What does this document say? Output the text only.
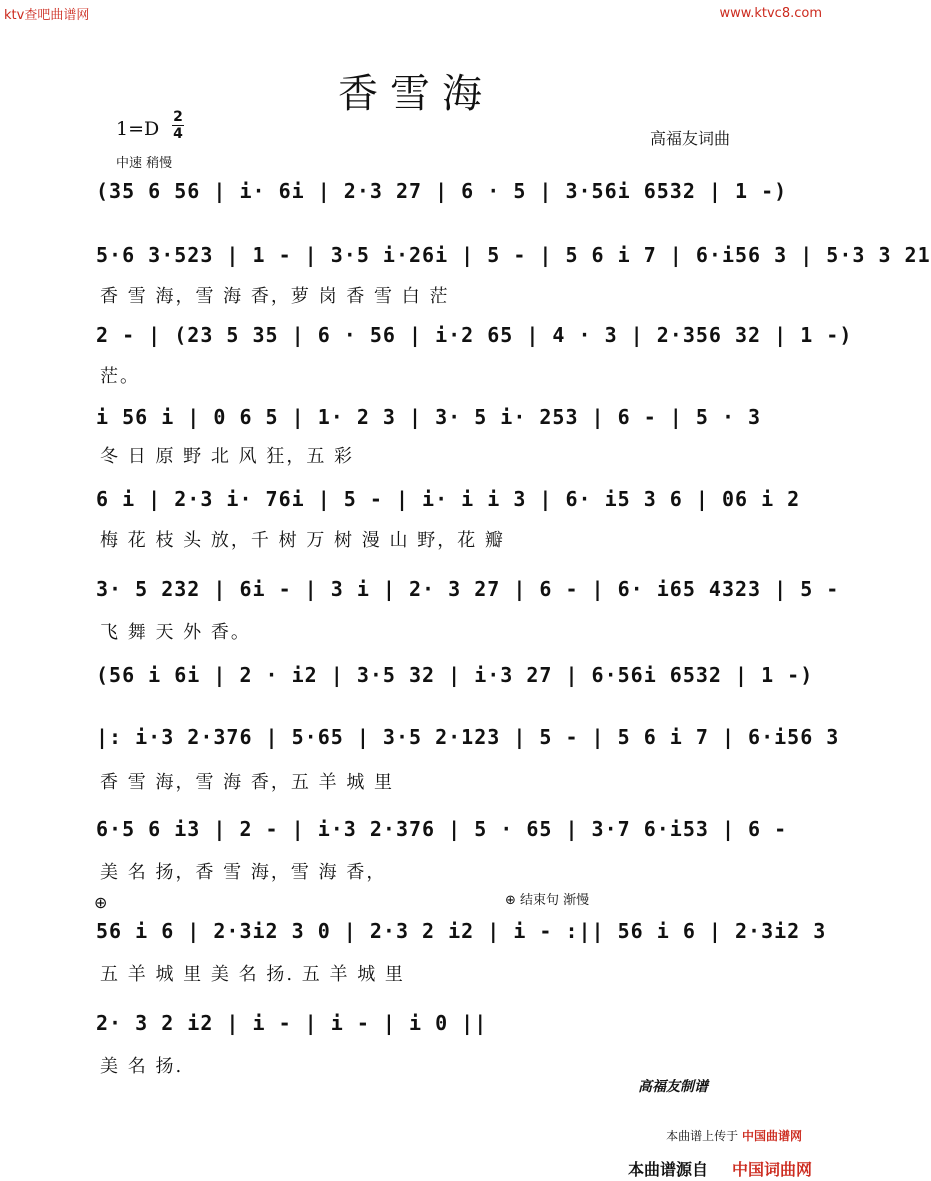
ktv查吧曲谱网	www.ktvc8.com
香雪海
1=D
2
4	高福友词曲
中速 稍慢
(35 6 56 | i· 6i | 2·3 27 | 6 · 5 | 3·56i 6532 | 1 -)
5·6 3·523 | 1 - | 3·5 i·26i | 5 - | 5 6 i 7 | 6·i56 3 | 5·3 3 21
香 雪 海，雪 海 香，萝 岗 香 雪 白 茫
2 - | (23 5 35 | 6 · 56 | i·2 65 | 4 · 3 | 2·356 32 | 1 -)
茫。
i 56 i | 0 6 5 | 1· 2 3 | 3· 5 i· 253 | 6 - | 5 · 3
冬 日 原 野 北 风 狂，五 彩
6 i | 2·3 i· 76i | 5 - | i· i i 3 | 6· i5 3 6 | 06 i 2
梅 花 枝 头 放，千 树 万 树 漫 山 野，花 瓣
3· 5 232 | 6i - | 3 i | 2· 3 27 | 6 - | 6· i65 4323 | 5 -
飞 舞 天 外 香。
(56 i 6i | 2 · i2 | 3·5 32 | i·3 27 | 6·56i 6532 | 1 -)
|: i·3 2·376 | 5·65 | 3·5 2·123 | 5 - | 5 6 i 7 | 6·i56 3
香 雪 海，雪 海 香，五 羊 城 里
6·5 6 i3 | 2 - | i·3 2·376 | 5 · 65 | 3·7 6·i53 | 6 -
美 名 扬，香 雪 海，雪 海 香，
⊕	⊕ 结束句 渐慢
56 i 6 | 2·3i2 3 0 | 2·3 2 i2 | i - :|| 56 i 6 | 2·3i2 3
五 羊 城 里 美 名 扬. 五 羊 城 里
2· 3 2 i2 | i - | i - | i 0 ||
美 名 扬.
高福友制谱
本曲谱上传于 中国曲谱网
本曲谱源自 中国词曲网
